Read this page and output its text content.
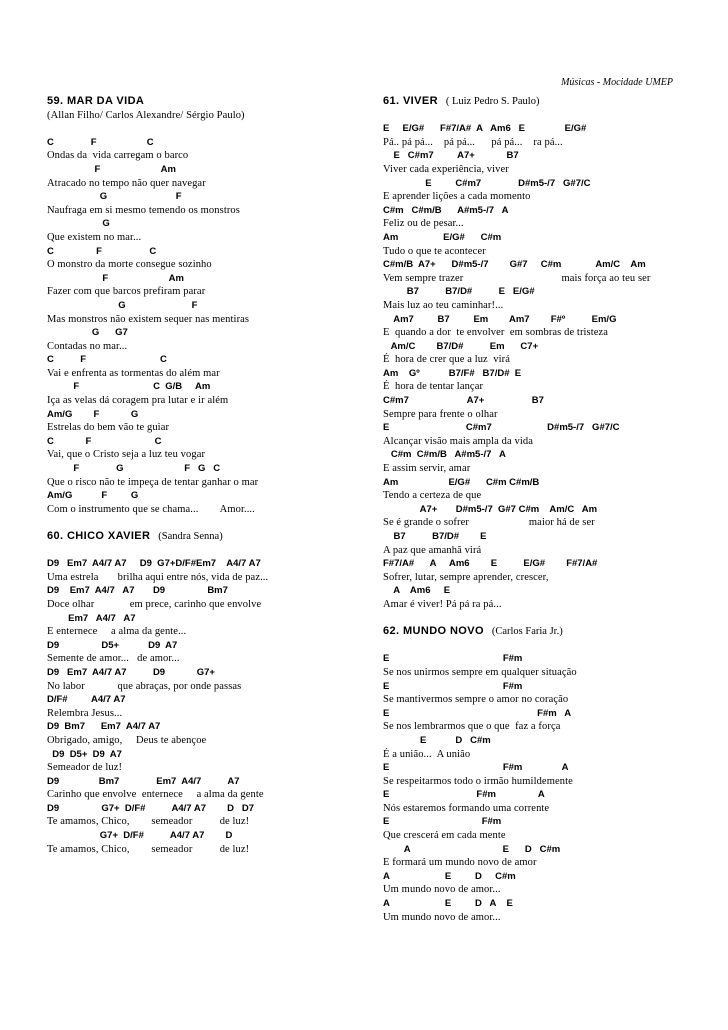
Músicas - Mocidade UMEP
59. MAR DA VIDA
(Allan Filho/ Carlos Alexandre/ Sérgio Paulo)
C              F                   C
Ondas da  vida carregam o barco
F                       Am
Atracado no tempo não quer navegar
G                          F
Naufraga em si mesmo temendo os monstros
G
Que existem no mar...
C                F                  C
O monstro da morte consegue sozinho
F                       Am
Fazer com que barcos prefiram parar
G                         F
Mas monstros não existem sequer nas mentiras
G      G7
Contadas no mar...
C          F                            C
Vai e enfrenta as tormentas do além mar
F                            C  G/B     Am
Iça as velas dá coragem pra lutar e ir além
Am/G        F            G
Estrelas do bem vão te guiar
C            F                        C
Vai, que o Cristo seja a luz teu vogar
F              G                       F   G   C
Que o risco não te impeça de tentar ganhar o mar
Am/G           F         G
Com o instrumento que se chama...        Amor....
60. CHICO XAVIER   (Sandra Senna)
D9   Em7  A4/7 A7     D9  G7+D/F#Em7    A4/7 A7
Uma estrela       brilha aqui entre nós, vida de paz...
D9    Em7  A4/7   A7       D9                Bm7
Doce olhar             em prece, carinho que envolve
Em7   A4/7   A7
E enternece     a alma da gente...
D9                D5+           D9  A7
Semente de amor...   de amor...
D9   Em7  A4/7 A7          D9            G7+
No labor            que abraças, por onde passas
D/F#         A4/7 A7
Relembra Jesus...
D9  Bm7      Em7  A4/7 A7
Obrigado, amigo,     Deus te abençoe
D9  D5+  D9  A7
Semeador de luz!
D9               Bm7              Em7  A4/7          A7
Carinho que envolve  enternece     a alma da gente
D9                G7+  D/F#          A4/7 A7        D   D7
Te amamos, Chico,        semeador          de luz!
G7+  D/F#          A4/7 A7        D
Te amamos, Chico,        semeador          de luz!
61. VIVER   ( Luiz Pedro S. Paulo)
E     E/G#      F#7/A#  A   Am6   E               E/G#
Pá.. pá pá...    pá pá...      pá pá...    ra pá...
E   C#m7         A7+            B7
Viver cada experiência, viver
E         C#m7              D#m5-/7   G#7/C
E aprender lições a cada momento
C#m   C#m/B      A#m5-/7   A
Feliz ou de pesar...
Am                 E/G#      C#m
Tudo o que te acontecer
C#m/B  A7+      D#m5-/7        G#7     C#m             Am/C    Am
Vem sempre trazer                                    mais força ao teu ser
B7          B7/D#          E   E/G#
Mais luz ao teu caminhar!...
Am7         B7         Em        Am7        F#º          Em/G
E  quando a dor  te envolver  em sombras de tristeza
Am/C        B7/D#          Em      C7+
É  hora de crer que a luz  virá
Am    Gº           B7/F#   B7/D#  E
É  hora de tentar lançar
C#m7                      A7+                  B7
Sempre para frente o olhar
E                             C#m7                     D#m5-/7   G#7/C
Alcançar visão mais ampla da vida
C#m  C#m/B   A#m5-/7   A
E assim servir, amar
Am                   E/G#      C#m C#m/B
Tendo a certeza de que
A7+       D#m5-/7  G#7 C#m    Am/C   Am
Se é grande o sofrer                      maior há de ser
B7          B7/D#        E
A paz que amanhã virá
F#7/A#      A     Am6        E          E/G#        F#7/A#
Sofrer, lutar, sempre aprender, crescer,
A    Am6     E
Amar é viver! Pá pá ra pá...
62. MUNDO NOVO   (Carlos Faria Jr.)
E                                           F#m
Se nos unirmos sempre em qualquer situação
E                                           F#m
Se mantivermos sempre o amor no coração
E                                                        F#m   A
Se nos lembrarmos que o que  faz a força
E           D   C#m
É a união...  A união
E                                           F#m               A
Se respeitarmos todo o irmão humildemente
E                                 F#m                A
Nós estaremos formando uma corrente
E                                   F#m
Que crescerá em cada mente
A                                   E      D   C#m
E formará um mundo novo de amor
A                     E         D     C#m
Um mundo novo de amor...
A                     E         D   A    E
Um mundo novo de amor...
